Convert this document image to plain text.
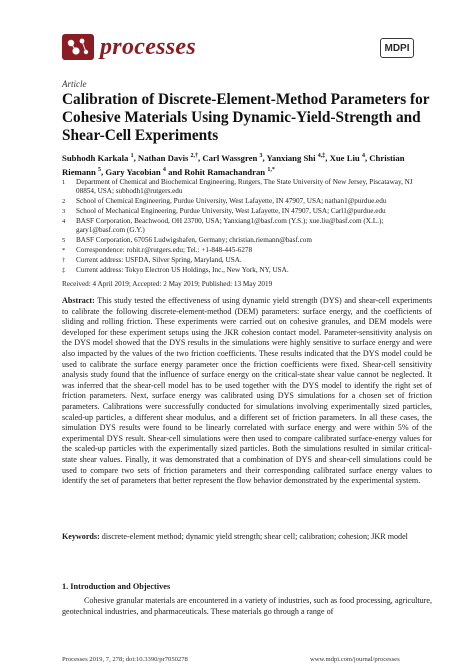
processes	MDPI
Article
Calibration of Discrete-Element-Method Parameters for Cohesive Materials Using Dynamic-Yield-Strength and Shear-Cell Experiments
Subhodh Karkala $^1$, Nathan Davis $^{2,\dagger}$, Carl Wassgren $^3$, Yanxiang Shi $^{4,\ddagger}$, Xue Liu $^4$, Christian Riemann $^5$, Gary Yacobian $^4$ and Rohit Ramachandran $^{1,*}$
1 Department of Chemical and Biochemical Engineering, Rutgers, The State University of New Jersey, Piscataway, NJ 08854, USA; subhodh1@rutgers.edu
2 School of Chemical Engineering, Purdue University, West Lafayette, IN 47907, USA; nathan1@purdue.edu
3 School of Mechanical Engineering, Purdue University, West Lafayette, IN 47907, USA; Carl1@purdue.edu
4 BASF Corporation, Beachwood, OH 23700, USA; Yanxiang1@basf.com (Y.S.); xue.liu@basf.com (X.L.); gary1@basf.com (G.Y.)
5 BASF Corporation, 67056 Ludwigshafen, Germany; christian.riemann@basf.com
* Correspondence: rohit.r@rutgers.edu; Tel.: +1-848-445-6278
† Current address: USFDA, Silver Spring, Maryland, USA.
‡ Current address: Tokyo Electron US Holdings, Inc., New York, NY, USA.
Received: 4 April 2019; Accepted: 2 May 2019; Published: 13 May 2019
Abstract: This study tested the effectiveness of using dynamic yield strength (DYS) and shear-cell experiments to calibrate the following discrete-element-method (DEM) parameters: surface energy, and the coefficients of sliding and rolling friction. These experiments were carried out on cohesive granules, and DEM models were developed for these experiment setups using the JKR cohesion contact model. Parameter-sensitivity analysis on the DYS model showed that the DYS results in the simulations were highly sensitive to surface energy and were also impacted by the values of the two friction coefficients. These results indicated that the DYS model could be used to calibrate the surface energy parameter once the friction coefficients were fixed. Shear-cell sensitivity analysis study found that the influence of surface energy on the critical-state shear value cannot be neglected. It was inferred that the shear-cell model has to be used together with the DYS model to identify the right set of friction parameters. Next, surface energy was calibrated using DYS simulations for a chosen set of friction parameters. Calibrations were successfully conducted for simulations involving experimentally sized particles, scaled-up particles, a different shear modulus, and a different set of friction parameters. In all these cases, the simulation DYS results were found to be linearly correlated with surface energy and were within 5% of the experimental DYS result. Shear-cell simulations were then used to compare calibrated surface-energy values for the scaled-up particles with the experimentally sized particles. Both the simulations resulted in similar critical-state shear values. Finally, it was demonstrated that a combination of DYS and shear-cell simulations could be used to compare two sets of friction parameters and their corresponding calibrated surface energy values to identify the set of parameters that better represent the flow behavior demonstrated by the experimental system.
Keywords: discrete-element method; dynamic yield strength; shear cell; calibration; cohesion; JKR model
1. Introduction and Objectives
Cohesive granular materials are encountered in a variety of industries, such as food processing, agriculture, geotechnical industries, and pharmaceuticals. These materials go through a range of
Processes 2019, 7, 278; doi:10.3390/pr7050278	www.mdpi.com/journal/processes
